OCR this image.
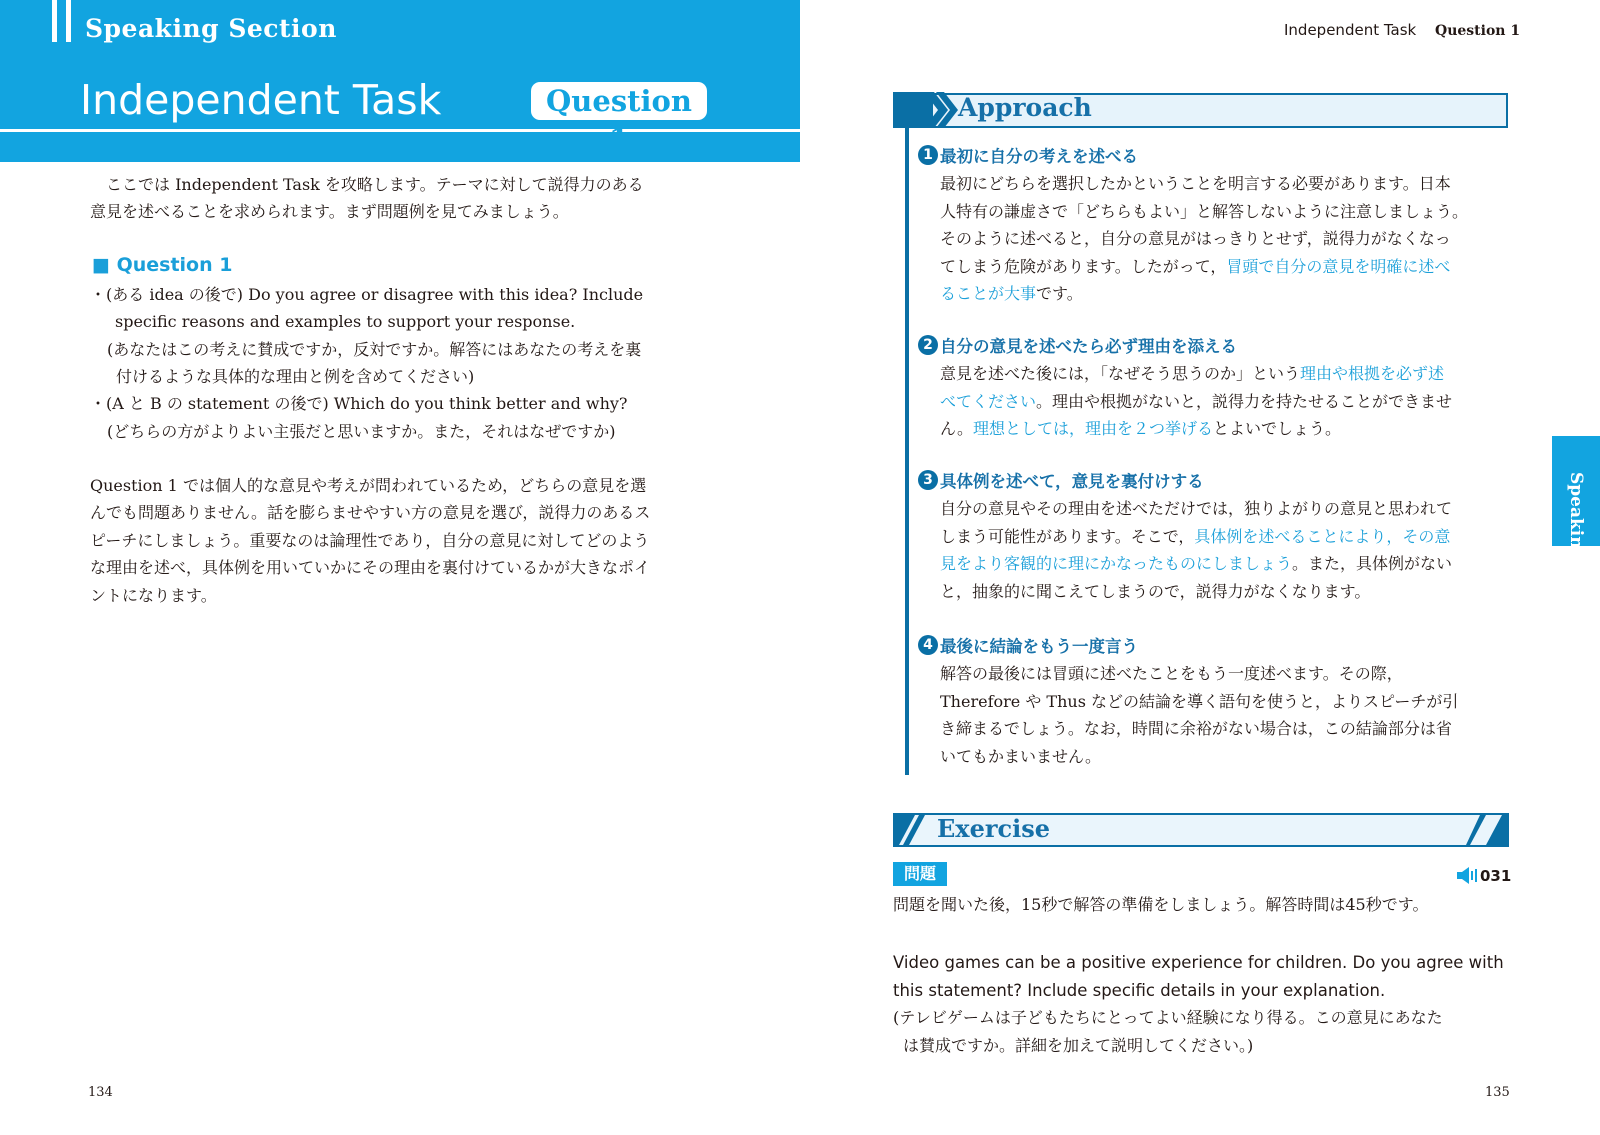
Speaking Section
Independent Task	Question 1
　ここでは Independent Task を攻略します。テーマに対して説得力のある
意見を述べることを求められます。まず問題例を見てみましょう。
■ Question 1
・(ある idea の後で) Do you agree or disagree with this idea? Include
specific reasons and examples to support your response.
(あなたはこの考えに賛成ですか，反対ですか。解答にはあなたの考えを裏
付けるような具体的な理由と例を含めてください)
・(A と B の statement の後で) Which do you think better and why?
(どちらの方がよりよい主張だと思いますか。また，それはなぜですか)
Question 1 では個人的な意見や考えが問われているため，どちらの意見を選
んでも問題ありません。話を膨らませやすい方の意見を選び，説得力のあるス
ピーチにしましょう。重要なのは論理性であり，自分の意見に対してどのよう
な理由を述べ，具体例を用いていかにその理由を裏付けているかが大きなポイ
ントになります。
134
Independent Task Question 1
Approach
1 最初に自分の考えを述べる
最初にどちらを選択したかということを明言する必要があります。日本
人特有の謙虚さで「どちらもよい」と解答しないように注意しましょう。
そのように述べると，自分の意見がはっきりとせず，説得力がなくなっ
てしまう危険があります。したがって，冒頭で自分の意見を明確に述べ
ることが大事です。
2 自分の意見を述べたら必ず理由を添える
意見を述べた後には，「なぜそう思うのか」という理由や根拠を必ず述
べてください。理由や根拠がないと，説得力を持たせることができませ
ん。理想としては，理由を２つ挙げるとよいでしょう。
3 具体例を述べて，意見を裏付けする
自分の意見やその理由を述べただけでは，独りよがりの意見と思われて
しまう可能性があります。そこで，具体例を述べることにより，その意
見をより客観的に理にかなったものにしましょう。また，具体例がない
と，抽象的に聞こえてしまうので，説得力がなくなります。
4 最後に結論をもう一度言う
解答の最後には冒頭に述べたことをもう一度述べます。その際，
Therefore や Thus などの結論を導く語句を使うと，よりスピーチが引
き締まるでしょう。なお，時間に余裕がない場合は，この結論部分は省
いてもかまいません。
Exercise
問題	031
問題を聞いた後，15秒で解答の準備をしましょう。解答時間は45秒です。
Video games can be a positive experience for children. Do you agree with
this statement? Include specific details in your explanation.
(テレビゲームは子どもたちにとってよい経験になり得る。この意見にあなた
は賛成ですか。詳細を加えて説明してください。)
135
Speaking
